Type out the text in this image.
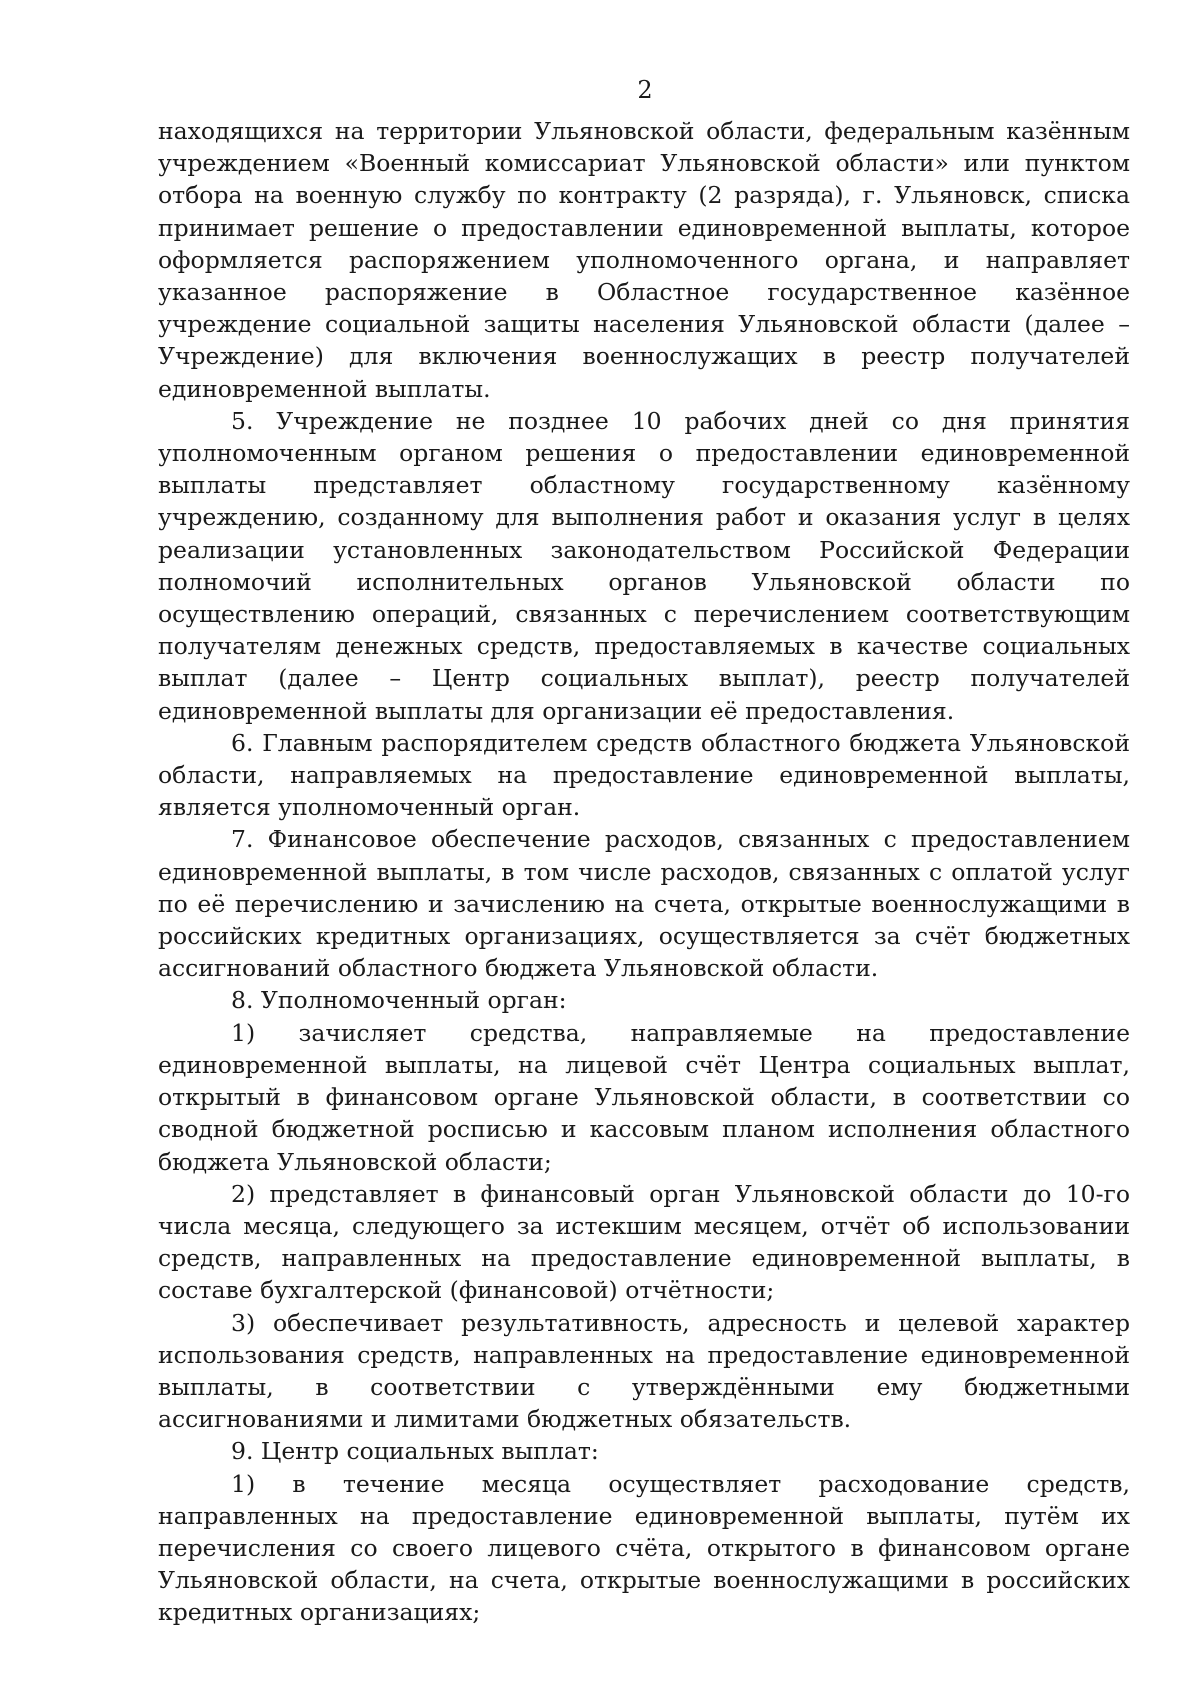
2

находящихся на территории Ульяновской области, федеральным казённым учреждением «Военный комиссариат Ульяновской области» или пунктом отбора на военную службу по контракту (2 разряда), г. Ульяновск, списка принимает решение о предоставлении единовременной выплаты, которое оформляется распоряжением уполномоченного органа, и направляет указанное распоряжение в Областное государственное казённое учреждение социальной защиты населения Ульяновской области (далее – Учреждение) для включения военнослужащих в реестр получателей единовременной выплаты.

5. Учреждение не позднее 10 рабочих дней со дня принятия уполномоченным органом решения о предоставлении единовременной выплаты представляет областному государственному казённому учреждению, созданному для выполнения работ и оказания услуг в целях реализации установленных законодательством Российской Федерации полномочий исполнительных органов Ульяновской области по осуществлению операций, связанных с перечислением соответствующим получателям денежных средств, предоставляемых в качестве социальных выплат (далее – Центр социальных выплат), реестр получателей единовременной выплаты для организации её предоставления.

6. Главным распорядителем средств областного бюджета Ульяновской области, направляемых на предоставление единовременной выплаты, является уполномоченный орган.

7. Финансовое обеспечение расходов, связанных с предоставлением единовременной выплаты, в том числе расходов, связанных с оплатой услуг по её перечислению и зачислению на счета, открытые военнослужащими в российских кредитных организациях, осуществляется за счёт бюджетных ассигнований областного бюджета Ульяновской области.

8. Уполномоченный орган:

1) зачисляет средства, направляемые на предоставление единовременной выплаты, на лицевой счёт Центра социальных выплат, открытый в финансовом органе Ульяновской области, в соответствии со сводной бюджетной росписью и кассовым планом исполнения областного бюджета Ульяновской области;

2) представляет в финансовый орган Ульяновской области до 10-го числа месяца, следующего за истекшим месяцем, отчёт об использовании средств, направленных на предоставление единовременной выплаты, в составе бухгалтерской (финансовой) отчётности;

3) обеспечивает результативность, адресность и целевой характер использования средств, направленных на предоставление единовременной выплаты, в соответствии с утверждёнными ему бюджетными ассигнованиями и лимитами бюджетных обязательств.

9. Центр социальных выплат:

1) в течение месяца осуществляет расходование средств, направленных на предоставление единовременной выплаты, путём их перечисления со своего лицевого счёта, открытого в финансовом органе Ульяновской области, на счета, открытые военнослужащими в российских кредитных организациях;
